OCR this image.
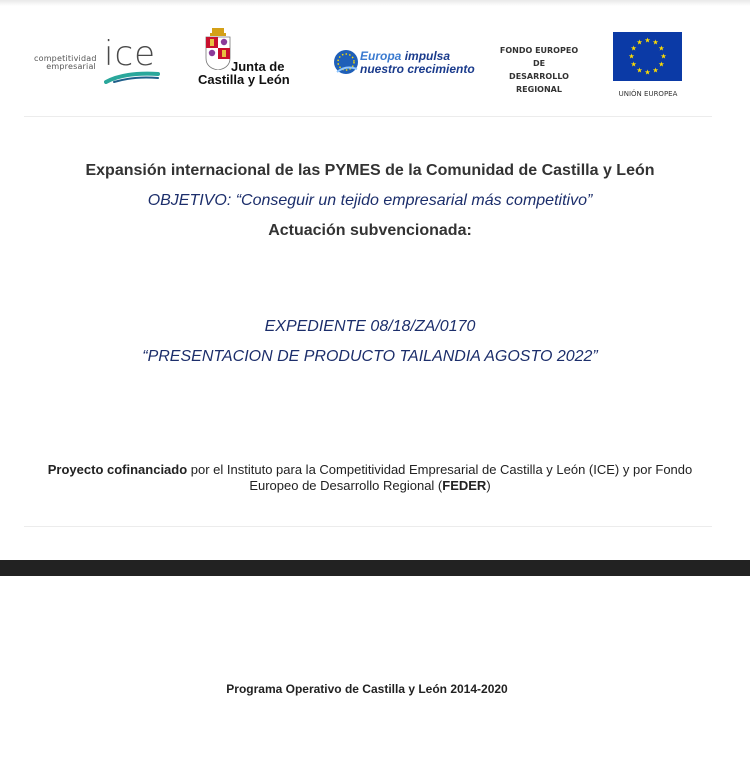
competitividad empresarial ice	Junta de
Castilla y León
Europa impulsa
nuestro crecimiento
FONDO EUROPEO DE
DESARROLLO
REGIONAL
★ ★
★
★
★
★
★
★
★
★
★
★
UNIÓN EUROPEA
Expansión internacional de las PYMES de la Comunidad de Castilla y León
OBJETIVO: “Conseguir un tejido empresarial más competitivo”
Actuación subvencionada:
EXPEDIENTE 08/18/ZA/0170
“PRESENTACION DE PRODUCTO TAILANDIA AGOSTO 2022”
Proyecto cofinanciado por el Instituto para la Competitividad Empresarial de Castilla y León (ICE) y por Fondo Europeo de Desarrollo Regional (FEDER)
Programa Operativo de Castilla y León 2014-2020
